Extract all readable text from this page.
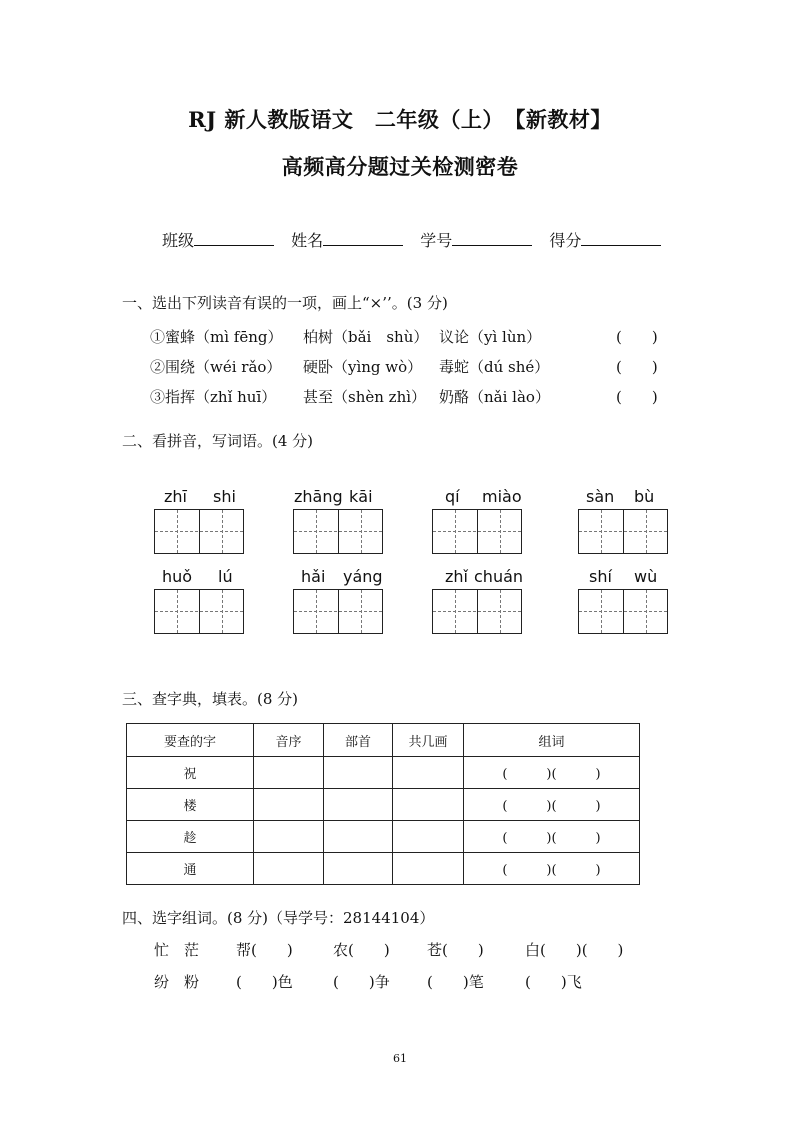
RJ 新人教版语文　二年级（上）　【新教材】
高频高分题过关检测密卷
班级	姓名	学号	得分
一、选出下列读音有误的一项，画上“×’’。(3 分)
①蜜蜂（mì fēng） 柏树（bǎi　shù） 议论（yì lùn）	(　　)
②围绕（wéi rǎo） 硬卧（yìng wò） 毒蛇（dú shé）	(　　)
③指挥（zhǐ huī） 甚至（shèn zhì） 奶酪（nǎi lào）	(　　)
二、看拼音，写词语。(4 分)
zhī shi	zhāng kāi	qí miào	sàn bù
huǒ lú	hǎi yáng	zhǐ chuán	shí wù
三、查字典，填表。(8 分)
要查的字	音序	部首	共几画	组词
祝				(　　　)(　　　)
楼				(　　　)(　　　)
趁				(　　　)(　　　)
通				(　　　)(　　　)
四、选字组词。(8 分)（导学号：28144104）
忙　茫 帮(　　)	农(　　) 苍(　　)	白(　　)(　　)
纷　粉 (　　)色	(　　)争 (　　)笔	(　　)飞
61
